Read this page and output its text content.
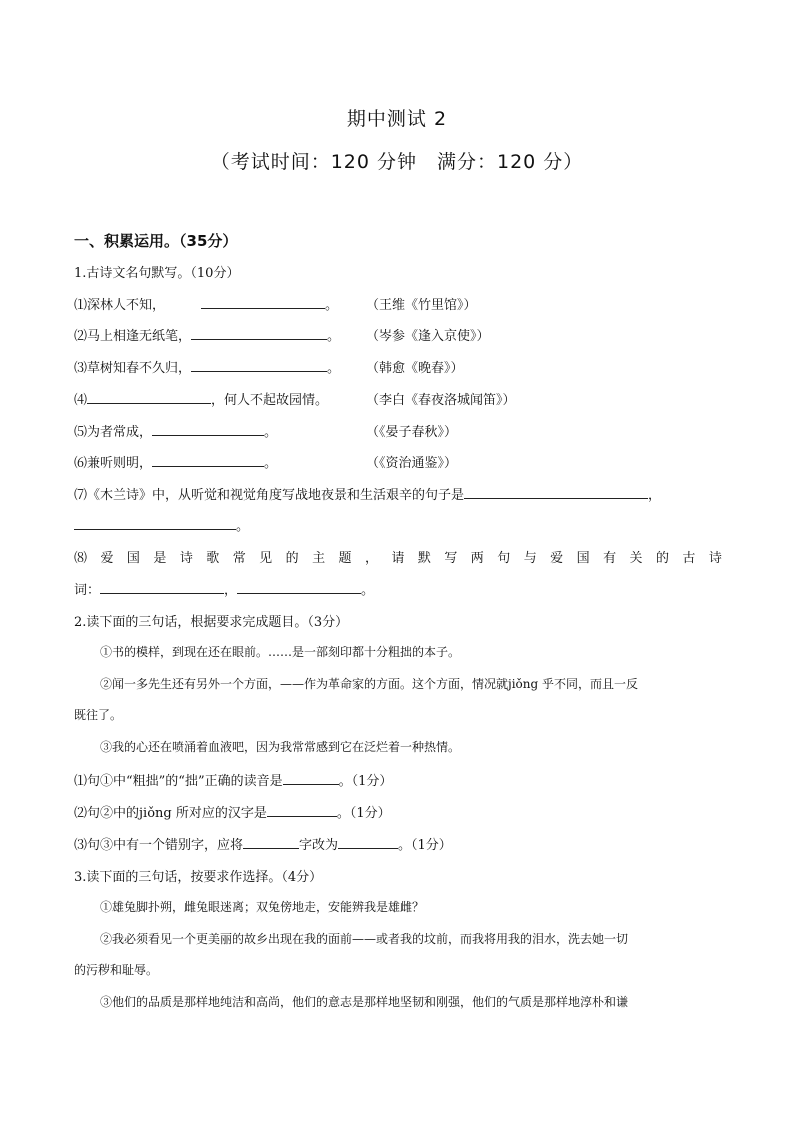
期中测试 2
（考试时间：120 分钟　满分：120 分）
一、积累运用。（35分）
1.古诗文名句默写。（10分）
⑴深林人不知，	。 （王维《竹里馆》）
⑵马上相逢无纸笔，	。 （岑参《逢入京使》）
⑶草树知春不久归，	。 （韩愈《晚春》）
⑷	，何人不起故园情。	（李白《春夜洛城闻笛》）
⑸为者常成，	。	（《晏子春秋》）
⑹兼听则明，	。	（《资治通鉴》）
⑺《木兰诗》中，从听觉和视觉角度写战地夜景和生活艰辛的句子是	，
。
⑻ 爱 国 是 诗 歌 常 见 的 主 题 ， 请 默 写 两 句 与 爱 国 有 关 的 古 诗
词：	，	。
2.读下面的三句话，根据要求完成题目。（3分）
①书的模样，到现在还在眼前。……是一部刻印都十分粗拙的本子。
②闻一多先生还有另外一个方面，——作为革命家的方面。这个方面，情况就jiǒng 乎不同，而且一反
既往了。
③我的心还在喷涌着血液吧，因为我常常感到它在泛烂着一种热情。
⑴句①中“粗拙”的“拙”正确的读音是	。（1分）
⑵句②中的jiǒng 所对应的汉字是	。（1分）
⑶句③中有一个错别字，应将	字改为	。（1分）
3.读下面的三句话，按要求作选择。（4分）
①雄兔脚扑朔，雌兔眼迷离；双兔傍地走，安能辨我是雄雌？
②我必须看见一个更美丽的故乡出现在我的面前——或者我的坟前，而我将用我的泪水，洗去她一切
的污秽和耻辱。
③他们的品质是那样地纯洁和高尚，他们的意志是那样地坚韧和刚强，他们的气质是那样地淳朴和谦
